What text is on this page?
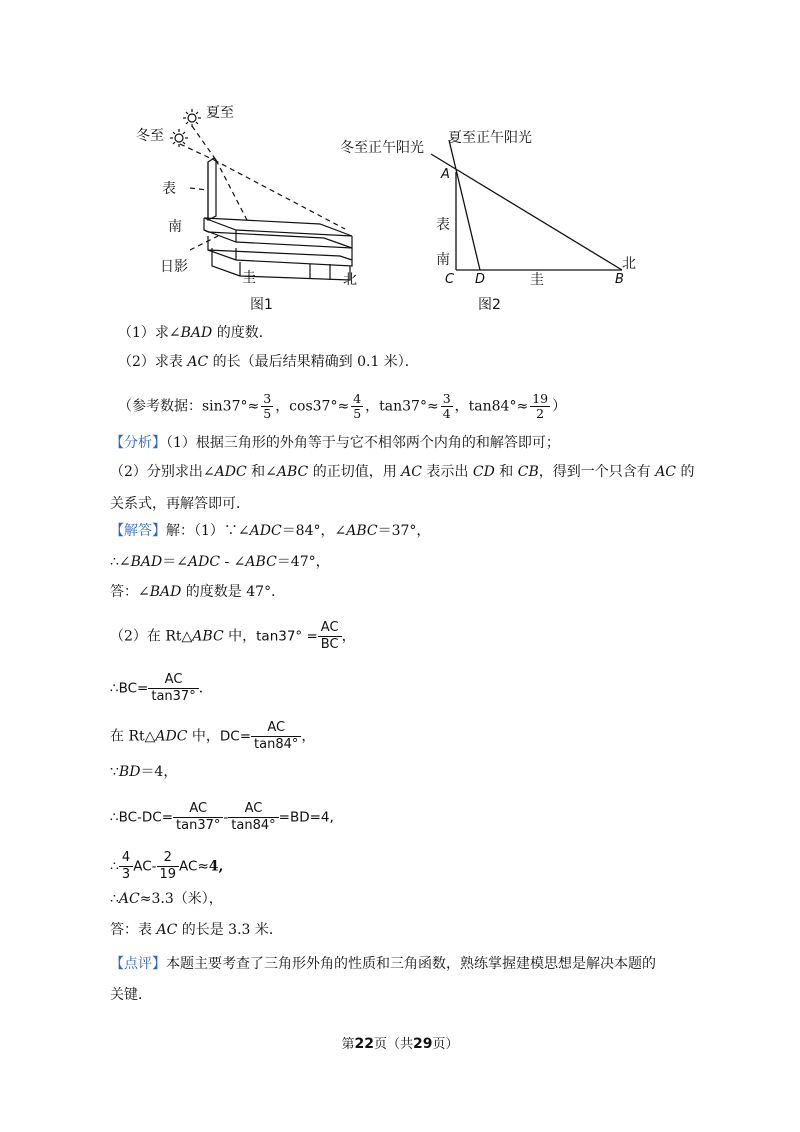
夏至
冬至
表
南
日影
圭	北
图1
冬至正午阳光
夏至正午阳光
表
南
圭
北
图2
A
C D	B
（1）求∠BAD 的度数．
（2）求表 AC 的长（最后结果精确到 0.1 米）．
（参考数据：$\sin 37^\circ\approx \frac{3}{5}$ ，$\cos 37^\circ\approx \frac{4}{5}$ ，$\tan 37^\circ\approx \frac{3}{4}$ ，$\tan 84^\circ\approx \frac{19}{2}$ ）
【分析】（1）根据三角形的外角等于与它不相邻两个内角的和解答即可；
（2）分别求出∠ADC 和∠ABC 的正切值，用 AC 表示出 CD 和 CB，得到一个只含有 AC 的
关系式，再解答即可．
【解答】解：（1）∵∠ADC＝84°，∠ABC＝37°，
∴∠BAD＝∠ADC - ∠ABC＝47°，
答：∠BAD 的度数是 47°．
（2）在 Rt△ABC 中，$\tan 37^\circ = \frac{AC}{BC}$ ，
∴BC= $\frac{AC}{\tan 37^\circ}$ ．
在 Rt△ADC 中，$DC= \frac{AC}{\tan 84^\circ}$ ，
∵BD＝4，
∴BC-DC= $\frac{AC}{\tan 37^\circ} - \frac{AC}{\tan 84^\circ} =BD=4$,
∴ $\frac{4}{3} AC- \frac{2}{19} AC\approx 4$,
∴AC≈3.3（米），
答：表 AC 的长是 3.3 米．
【点评】本题主要考查了三角形外角的性质和三角函数，熟练掌握建模思想是解决本题的
关键．
第22页（共29页）
